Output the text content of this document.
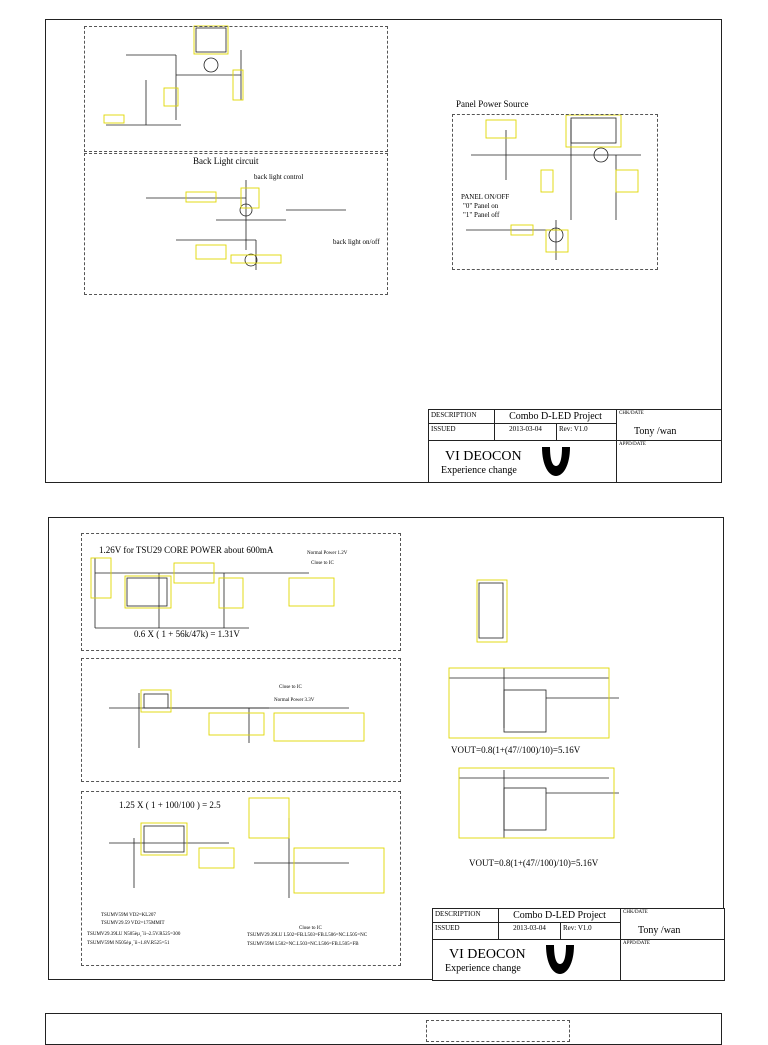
Back Light circuit
back light control
back light on/off
Panel Power Source
PANEL ON/OFF
"0" Panel on
"1" Panel off
DESCRIPTION	Combo D-LED Project	CHK/DATE
ISSUED	2013-03-04	Rev: V1.0	Tony /wan
VI DEOCON
Experience change
APPD/DATE
1.26V for TSU29 CORE POWER about 600mA	Normal Power 1.2V
Close to IC
0.6 X ( 1 + 56k/47k) = 1.31V
Close to IC
Normal Power 3.3V
VOUT=0.8(1+(47//100)/10)=5.16V
VOUT=0.8(1+(47//100)/10)=5.16V
1.25 X ( 1 + 100/100 ) = 2.5
TSUMV59M VD2=KL207
TSUMV29.59 VD2=175MMIT
TSUMV29.39LU N505èµ¸´ìì¬2.5V.R525=300
TSUMV59M N505èµ¸´ìì¬1.8V.R525=51
Close to IC
TSUMV29.39LU L502=FB.L503=FB.L506=NC.L505=NC
TSUMV59M L502=NC.L503=NC.L506=FB.L505=FB
DESCRIPTION	Combo D-LED Project	CHK/DATE
ISSUED	2013-03-04	Rev: V1.0	Tony /wan
VI DEOCON
Experience change
APPD/DATE
